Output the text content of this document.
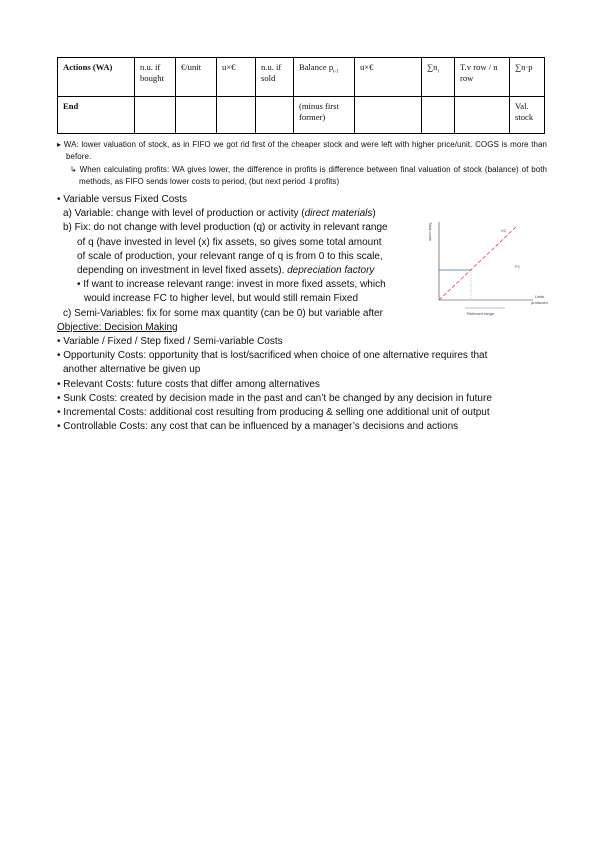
Actions (WA)	n.u. if bought	€/unit	u×€	n.u. if sold	Balance $p_{t-1}$	u×€	$\sum n_i$	T.v row / n row	∑n·p
End					(minus first former)				Val. stock
▸ WA: lower valuation of stock, as in FIFO we got rid first of the cheaper stock and were left with higher price/unit. COGS is more than before.
↳ When calculating profits: WA gives lower, the difference in profits is difference between final valuation of stock (balance) of both methods, as FIFO sends lower costs to period, (but next period ⇓profits)
• Variable versus Fixed Costs
a) Variable: change with level of production or activity (direct materials)
b) Fix: do not change with level production (q) or activity in relevant range
of q (have invested in level (x) fix assets, so gives some total amount
of scale of production, your relevant range of q is from 0 to this scale,
depending on investment in level fixed assets). depreciation factory
• If want to increase relevant range: invest in more fixed assets, which
would increase FC to higher level, but would still remain Fixed
c) Semi-Variables: fix for some max quantity (can be 0) but variable after
Objective: Decision Making
• Variable / Fixed / Step fixed / Semi-variable Costs
• Opportunity Costs: opportunity that is lost/sacrificed when choice of one alternative requires that
another alternative be given up
• Relevant Costs: future costs that differ among alternatives
• Sunk Costs: created by decision made in the past and can’t be changed by any decision in future
• Incremental Costs: additional cost resulting from producing & selling one additional unit of output
• Controllable Costs: any cost that can be influenced by a manager’s decisions and actions
Total costs	VC
FC
Units
produced
Relevant range
